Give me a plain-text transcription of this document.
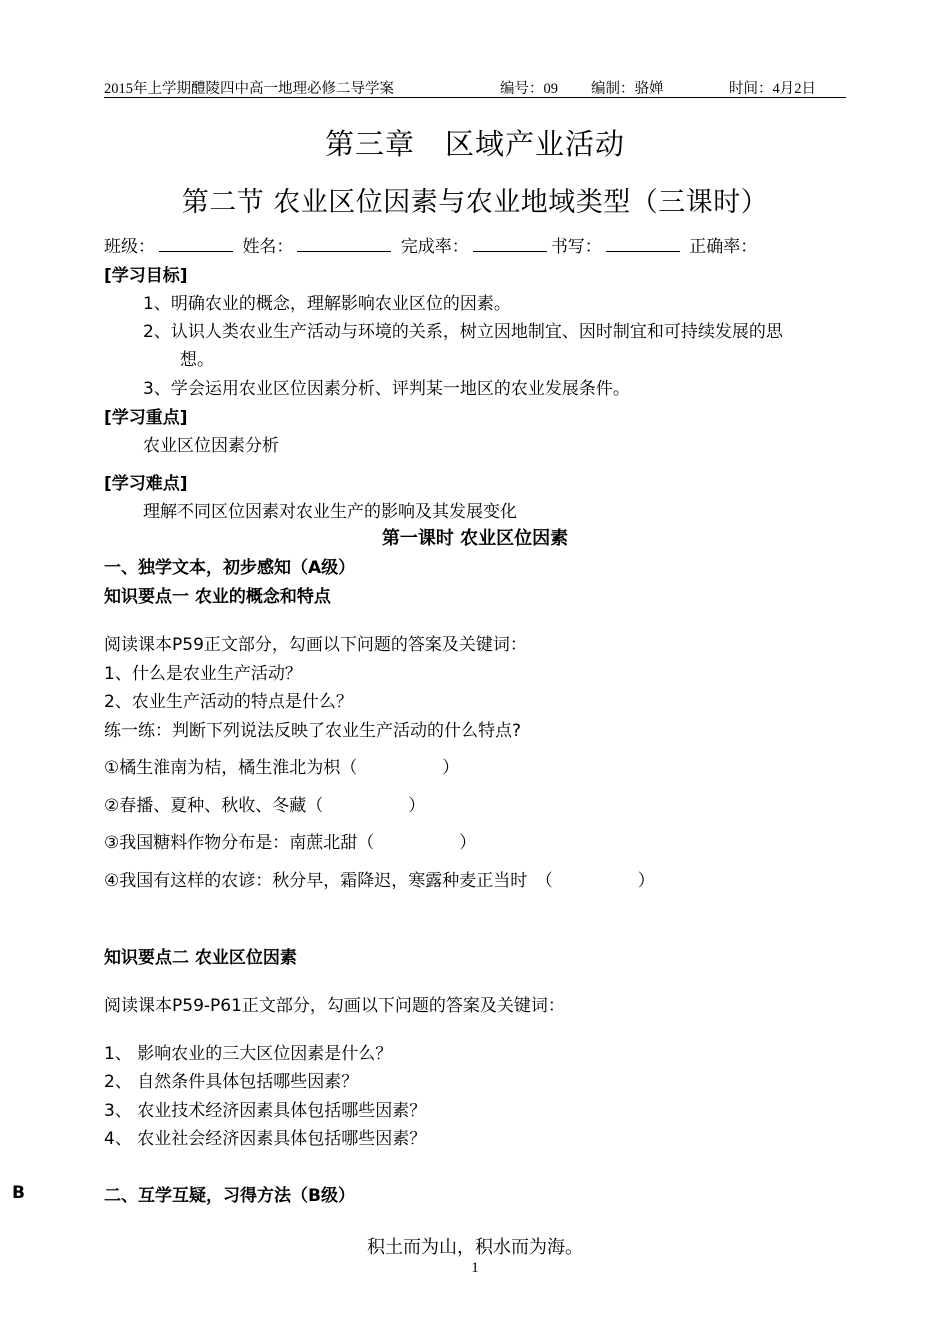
2015年上学期醴陵四中高一地理必修二导学案	编号：09 编制：骆婵	时间：4月2日
第三章　区域产业活动
第二节 农业区位因素与农业地域类型（三课时）
班级：	姓名：	完成率：	书写：	正确率：
[学习目标]
1、明确农业的概念，理解影响农业区位的因素。
2、认识人类农业生产活动与环境的关系，树立因地制宜、因时制宜和可持续发展的思
想。
3、学会运用农业区位因素分析、评判某一地区的农业发展条件。
[学习重点]
农业区位因素分析
[学习难点]
理解不同区位因素对农业生产的影响及其发展变化
第一课时 农业区位因素
一、独学文本，初步感知（A级）
知识要点一 农业的概念和特点
阅读课本P59正文部分，勾画以下问题的答案及关键词：
1、什么是农业生产活动？
2、农业生产活动的特点是什么？
练一练：判断下列说法反映了农业生产活动的什么特点?
①橘生淮南为桔，橘生淮北为枳（　　　　　）
②春播、夏种、秋收、冬藏（　　　　　）
③我国糖料作物分布是：南蔗北甜（　　　　　）
④我国有这样的农谚：秋分早，霜降迟，寒露种麦正当时　（　　　　　）
知识要点二 农业区位因素
阅读课本P59-P61正文部分，勾画以下问题的答案及关键词：
1、 影响农业的三大区位因素是什么？
2、 自然条件具体包括哪些因素？
3、 农业技术经济因素具体包括哪些因素？
4、 农业社会经济因素具体包括哪些因素？
B	二、互学互疑，习得方法（B级）
积土而为山，积水而为海。
1
